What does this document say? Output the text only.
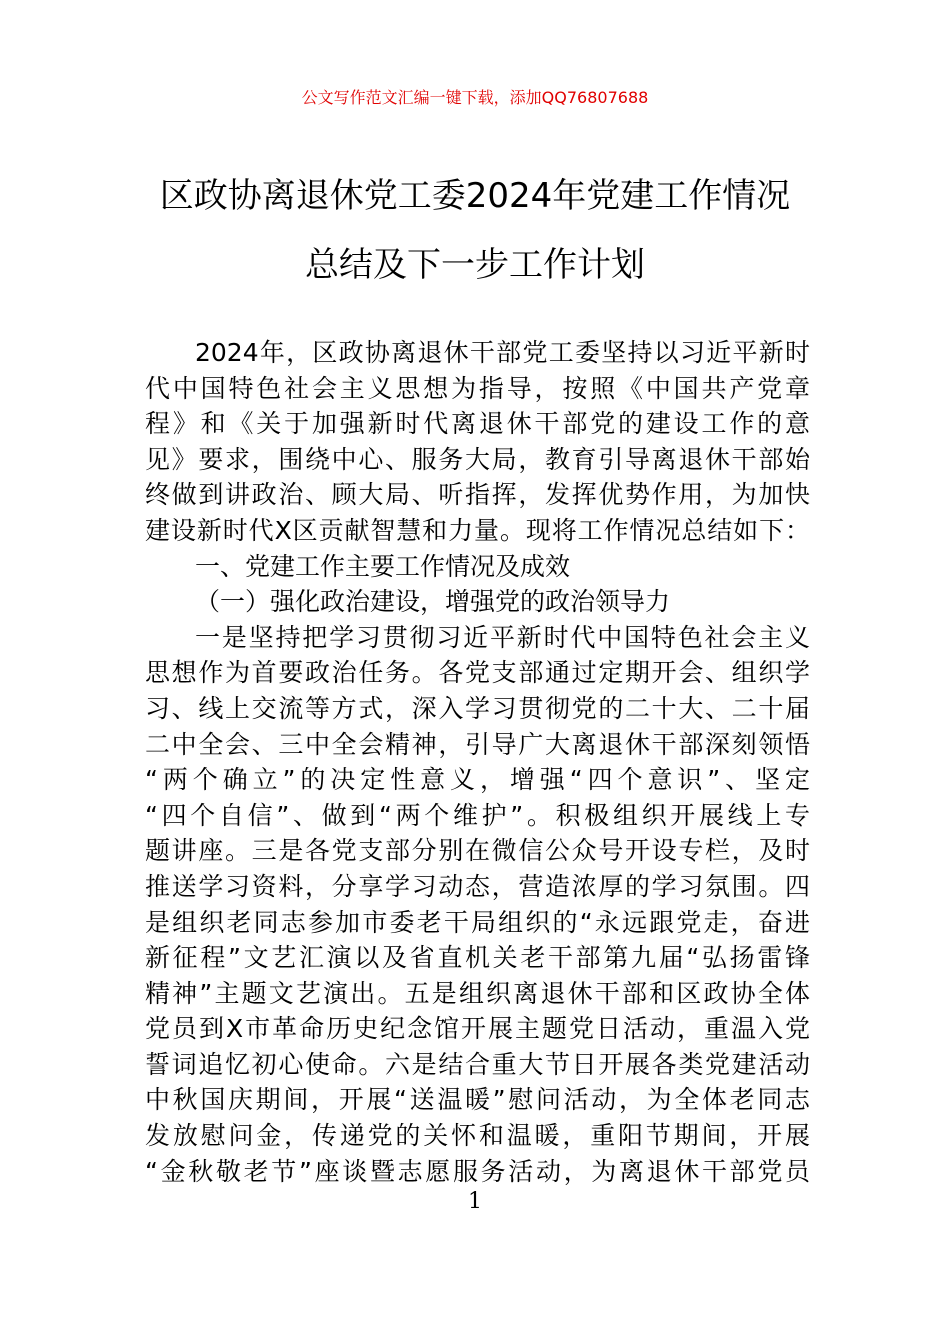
公文写作范文汇编一键下载，添加QQ76807688
区政协离退休党工委2024年党建工作情况
总结及下一步工作计划
2024年，区政协离退休干部党工委坚持以习近平新时
代中国特色社会主义思想为指导，按照《中国共产党章
程》和《关于加强新时代离退休干部党的建设工作的意
见》要求，围绕中心、服务大局，教育引导离退休干部始
终做到讲政治、顾大局、听指挥，发挥优势作用，为加快
建设新时代X区贡献智慧和力量。现将工作情况总结如下：
一、党建工作主要工作情况及成效
（一）强化政治建设，增强党的政治领导力
一是坚持把学习贯彻习近平新时代中国特色社会主义
思想作为首要政治任务。各党支部通过定期开会、组织学
习、线上交流等方式，深入学习贯彻党的二十大、二十届
二中全会、三中全会精神，引导广大离退休干部深刻领悟
“两个确立”的决定性意义，增强“四个意识”、坚定
“四个自信”、做到“两个维护”。积极组织开展线上专
题讲座。三是各党支部分别在微信公众号开设专栏，及时
推送学习资料，分享学习动态，营造浓厚的学习氛围。四
是组织老同志参加市委老干局组织的“永远跟党走，奋进
新征程”文艺汇演以及省直机关老干部第九届“弘扬雷锋
精神”主题文艺演出。五是组织离退休干部和区政协全体
党员到X市革命历史纪念馆开展主题党日活动，重温入党
誓词追忆初心使命。六是结合重大节日开展各类党建活动
中秋国庆期间，开展“送温暖”慰问活动，为全体老同志
发放慰问金，传递党的关怀和温暖，重阳节期间，开展
“金秋敬老节”座谈暨志愿服务活动，为离退休干部党员
1
